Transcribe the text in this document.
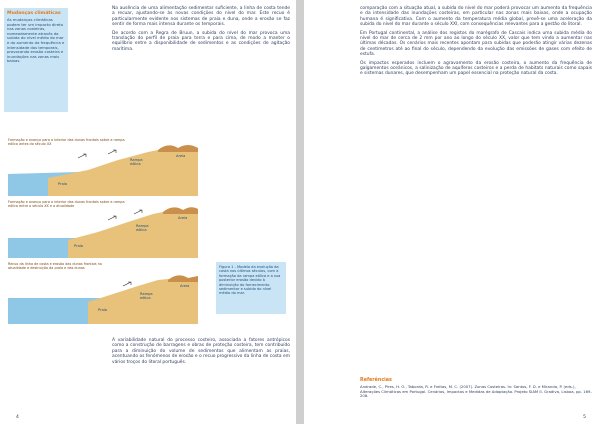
Mudanças climáticas
As mudanças climáticas podem ter um impacto direto nas zonas costeiras, nomeadamente através da subida do nível médio do mar e do aumento da frequência e intensidade dos temporais, provocando erosão costeira e inundações nas zonas mais baixas.

Na ausência de uma alimentação sedimentar suficiente, a linha de costa tende a recuar, ajustando-se às novas condições do nível do mar. Este recuo é particularmente evidente nos sistemas de praia e duna, onde a erosão se faz sentir de forma mais intensa durante os temporais.

De acordo com a Regra de Bruun, a subida do nível do mar provoca uma translação do perfil de praia para terra e para cima, de modo a manter o equilíbrio entre a disponibilidade de sedimentos e as condições de agitação marítima.

Formação e avanço para o interior das dunas frontais sobre a rampa eólica antes do século XX
Praia
Rampa eólica
Areia
Formação e avanço para o interior das dunas frontais sobre a rampa eólica entre o século XX e a atualidade
Praia
Rampa eólica
Areia
Recuo da linha de costa e erosão das dunas frontais na atualidade e destruição da praia e das dunas
Praia
Rampa eólica
Areia
Figura 1 - Modelo da evolução da costa nos últimos séculos, com a formação da rampa eólica e a sua posterior erosão devido à diminuição do fornecimento sedimentar e subida do nível médio do mar.

A variabilidade natural do processo costeiro, associada a fatores antrópicos como a construção de barragens e obras de proteção costeira, tem contribuído para a diminuição do volume de sedimentos que alimentam as praias, acentuando os fenómenos de erosão e o recuo progressivo da linha de costa em vários troços do litoral português.

4

comparação com a situação atual, a subida do nível do mar poderá provocar um aumento da frequência e da intensidade das inundações costeiras, em particular nas zonas mais baixas, onde a ocupação humana é significativa. Com o aumento da temperatura média global, prevê-se uma aceleração da subida do nível do mar durante o século XXI, com consequências relevantes para a gestão do litoral.

Em Portugal continental, a análise dos registos do marégrafo de Cascais indica uma subida média do nível do mar de cerca de 2 mm por ano ao longo do século XX, valor que tem vindo a aumentar nas últimas décadas. Os cenários mais recentes apontam para subidas que poderão atingir várias dezenas de centímetros até ao final do século, dependendo da evolução das emissões de gases com efeito de estufa.

Os impactos esperados incluem o agravamento da erosão costeira, o aumento da frequência de galgamentos oceânicos, a salinização de aquíferos costeiros e a perda de habitats naturais como sapais e sistemas dunares, que desempenham um papel essencial na proteção natural da costa.

Referências
Andrade, C., Pires, H. O., Taborda, R. e Freitas, M. C. (2007). Zonas Costeiras. In: Santos, F. D. e Miranda, P. (eds.), Alterações Climáticas em Portugal. Cenários, Impactos e Medidas de Adaptação. Projeto SIAM II. Gradiva, Lisboa, pp. 169-208.
5
